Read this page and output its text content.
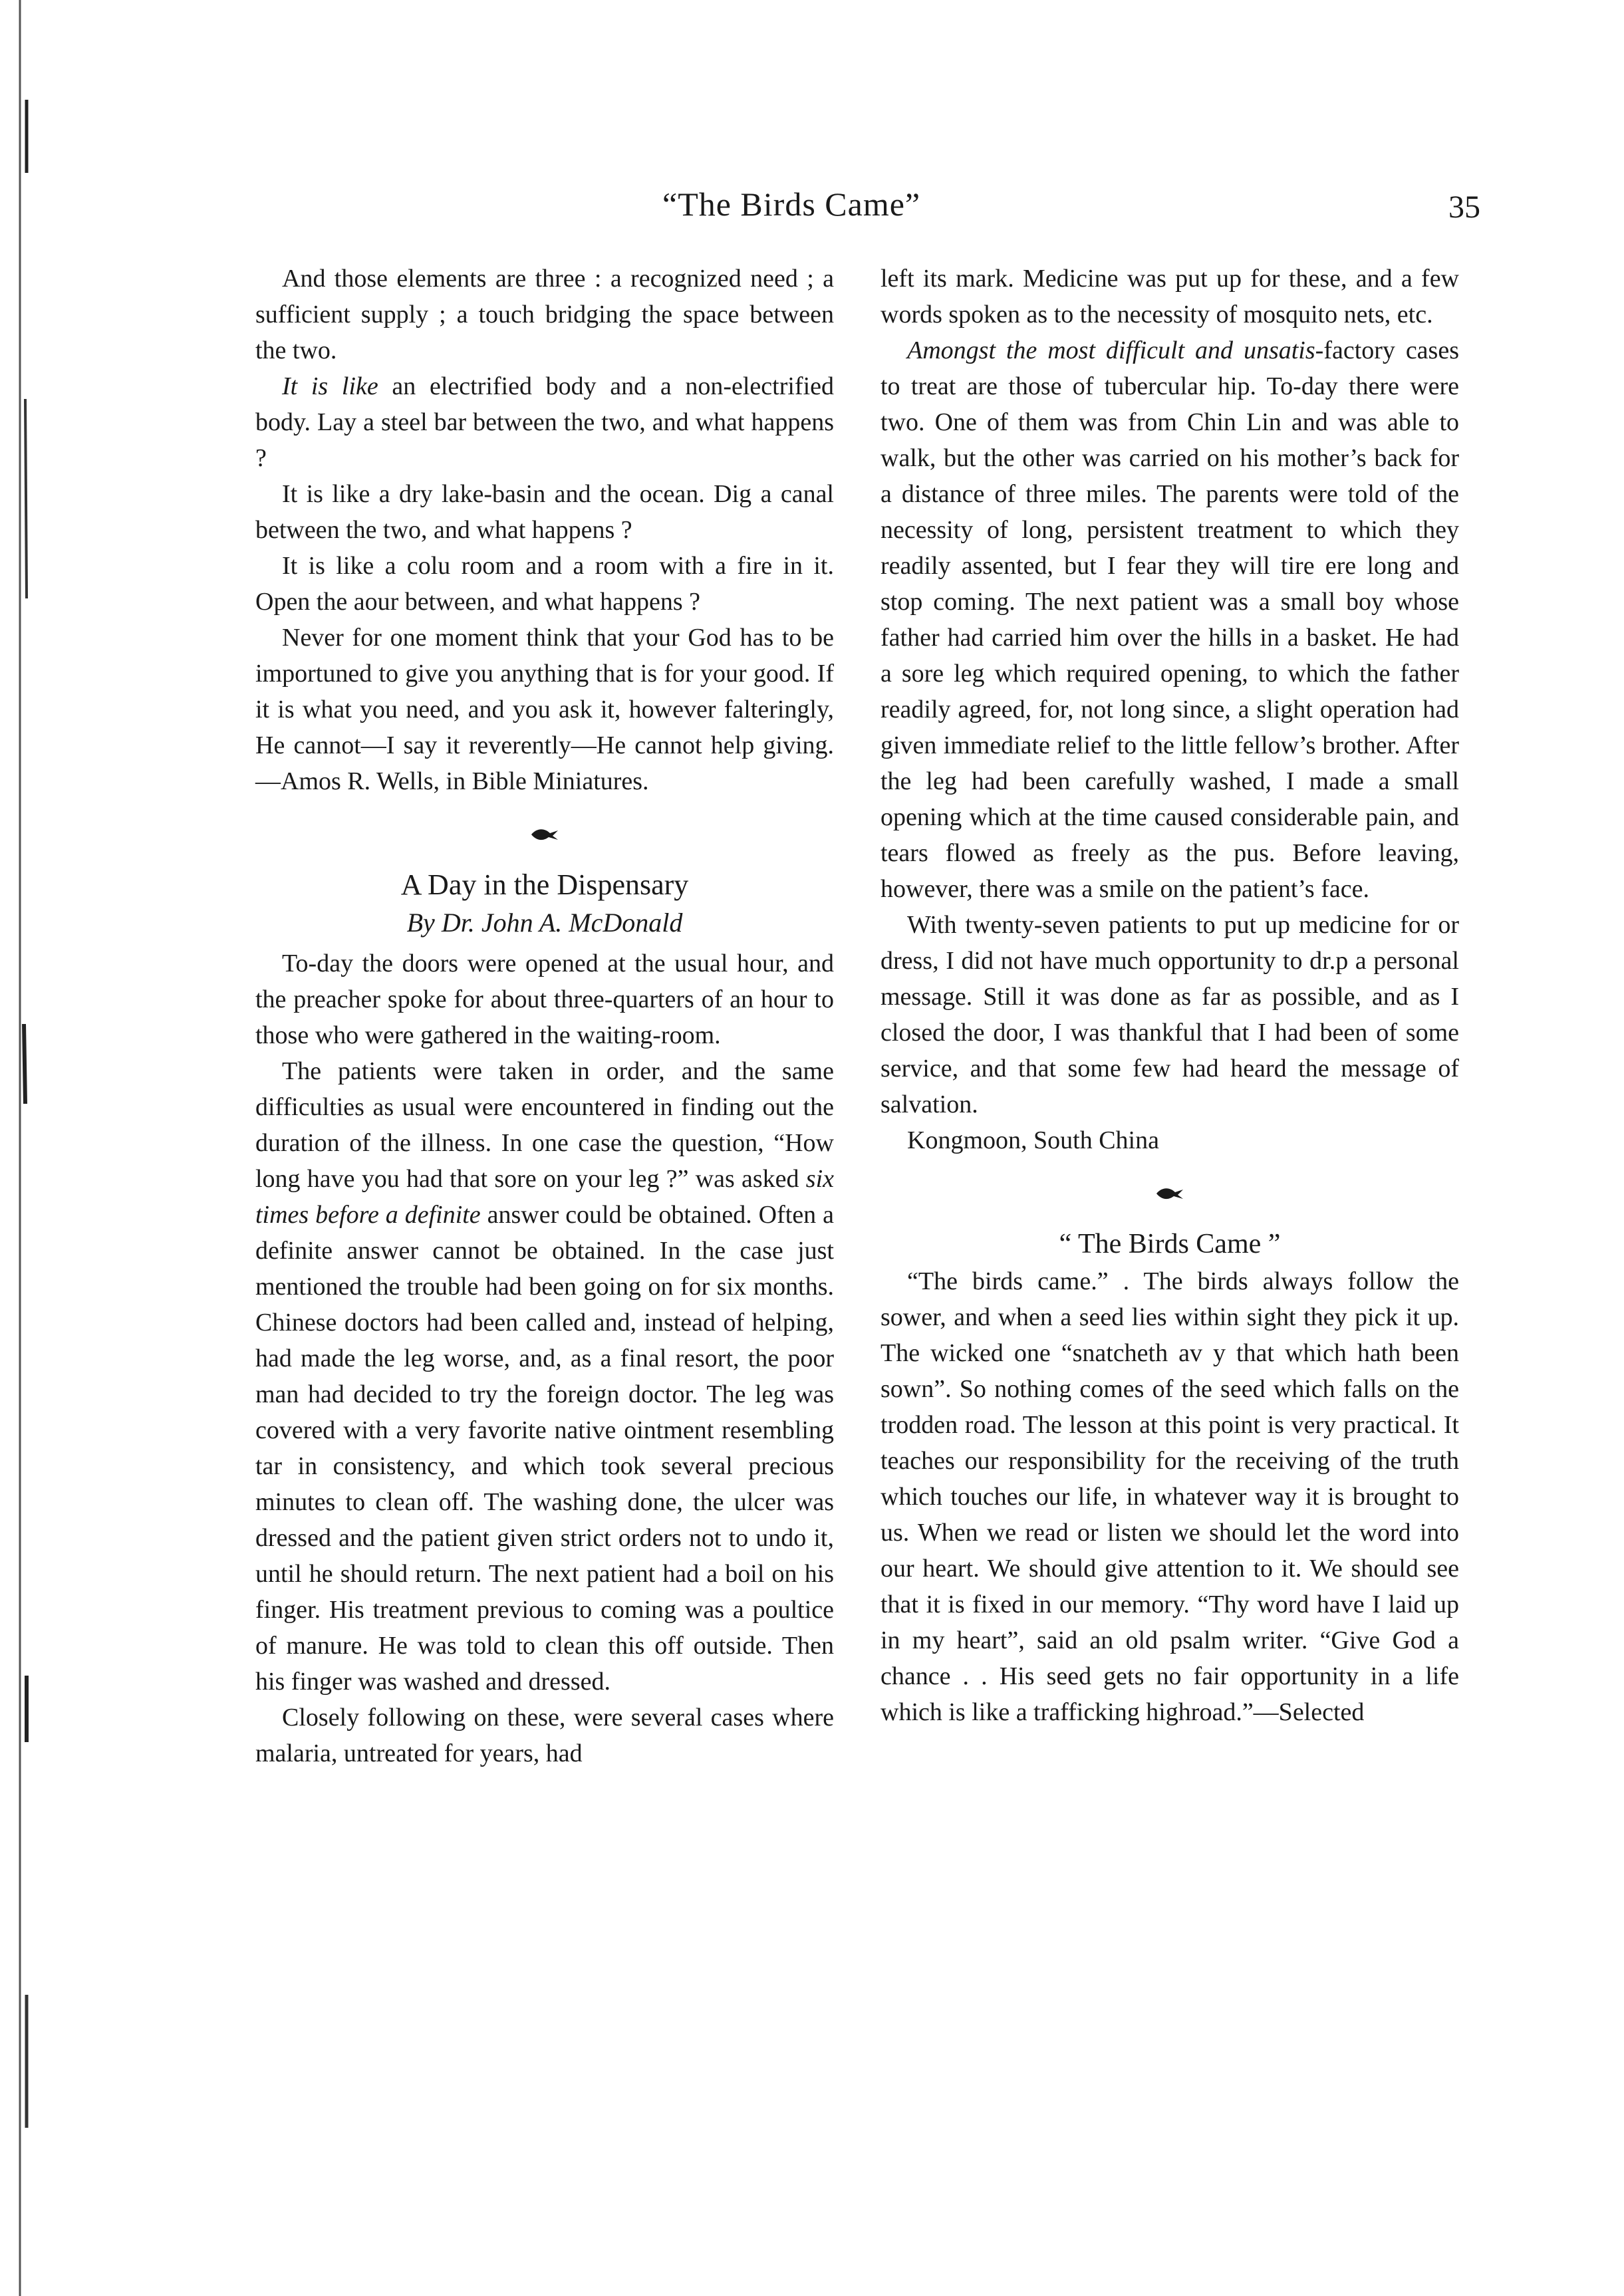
“The Birds Came”	35

And those elements are three : a recognized need ; a sufficient supply ; a touch bridging the space between the two.

It is like an electrified body and a non-electrified body. Lay a steel bar between the two, and what happens ?

It is like a dry lake-basin and the ocean. Dig a canal between the two, and what happens ?

It is like a colu room and a room with a fire in it. Open the aour between, and what happens ?

Never for one moment think that your God has to be importuned to give you anything that is for your good. If it is what you need, and you ask it, however falteringly, He cannot—I say it reverently—He cannot help giving.—Amos R. Wells, in Bible Miniatures.

A Day in the Dispensary
By Dr. John A. McDonald

To-day the doors were opened at the usual hour, and the preacher spoke for about three-quarters of an hour to those who were gathered in the waiting-room.

The patients were taken in order, and the same difficulties as usual were encountered in finding out the duration of the illness. In one case the question, “How long have you had that sore on your leg ?” was asked six times before a definite answer could be obtained. Often a definite answer cannot be obtained. In the case just mentioned the trouble had been going on for six months. Chinese doctors had been called and, instead of helping, had made the leg worse, and, as a final resort, the poor man had decided to try the foreign doctor. The leg was covered with a very favorite native ointment resembling tar in consistency, and which took several precious minutes to clean off. The washing done, the ulcer was dressed and the patient given strict orders not to undo it, until he should return. The next patient had a boil on his finger. His treatment previous to coming was a poultice of manure. He was told to clean this off outside. Then his finger was washed and dressed.

Closely following on these, were several cases where malaria, untreated for years, had

left its mark. Medicine was put up for these, and a few words spoken as to the necessity of mosquito nets, etc.

Amongst the most difficult and unsatis-factory cases to treat are those of tubercular hip. To-day there were two. One of them was from Chin Lin and was able to walk, but the other was carried on his mother’s back for a distance of three miles. The parents were told of the necessity of long, persistent treatment to which they readily assented, but I fear they will tire ere long and stop coming. The next patient was a small boy whose father had carried him over the hills in a basket. He had a sore leg which required opening, to which the father readily agreed, for, not long since, a slight operation had given immediate relief to the little fellow’s brother. After the leg had been carefully washed, I made a small opening which at the time caused considerable pain, and tears flowed as freely as the pus. Before leaving, however, there was a smile on the patient’s face.

With twenty-seven patients to put up medicine for or dress, I did not have much opportunity to dr.p a personal message. Still it was done as far as possible, and as I closed the door, I was thankful that I had been of some service, and that some few had heard the message of salvation.

Kongmoon, South China

“ The Birds Came ”

“The birds came.” . The birds always follow the sower, and when a seed lies within sight they pick it up. The wicked one “snatcheth av y that which hath been sown”. So nothing comes of the seed which falls on the trodden road. The lesson at this point is very practical. It teaches our responsibility for the receiving of the truth which touches our life, in whatever way it is brought to us. When we read or listen we should let the word into our heart. We should give attention to it. We should see that it is fixed in our memory. “Thy word have I laid up in my heart”, said an old psalm writer. “Give God a chance . . His seed gets no fair opportunity in a life which is like a trafficking highroad.”—Selected
